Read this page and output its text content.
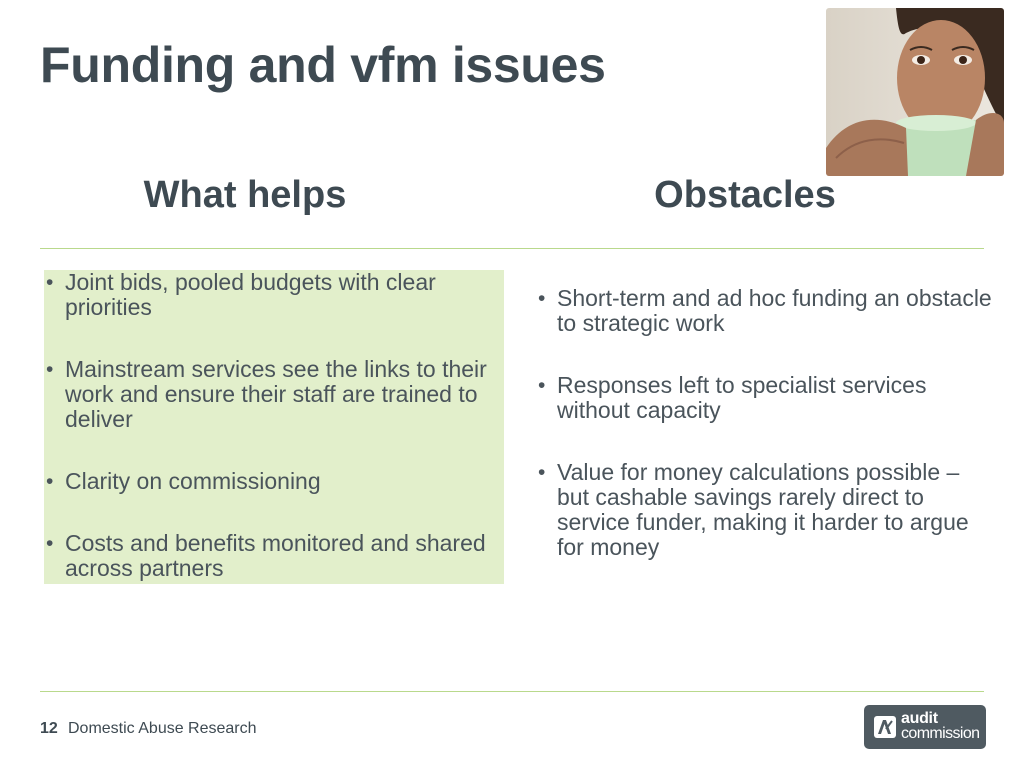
Funding and vfm issues
What helps	Obstacles
• Joint bids, pooled budgets with clear priorities
• Mainstream services see the links to their work and ensure their staff are trained to deliver
• Clarity on commissioning
• Costs and benefits monitored and shared across partners
• Short-term and ad hoc funding an obstacle to strategic work
• Responses left to specialist services without capacity
• Value for money calculations possible – but cashable savings rarely direct to service funder, making it harder to argue for money
12 Domestic Abuse Research
audit
commission
